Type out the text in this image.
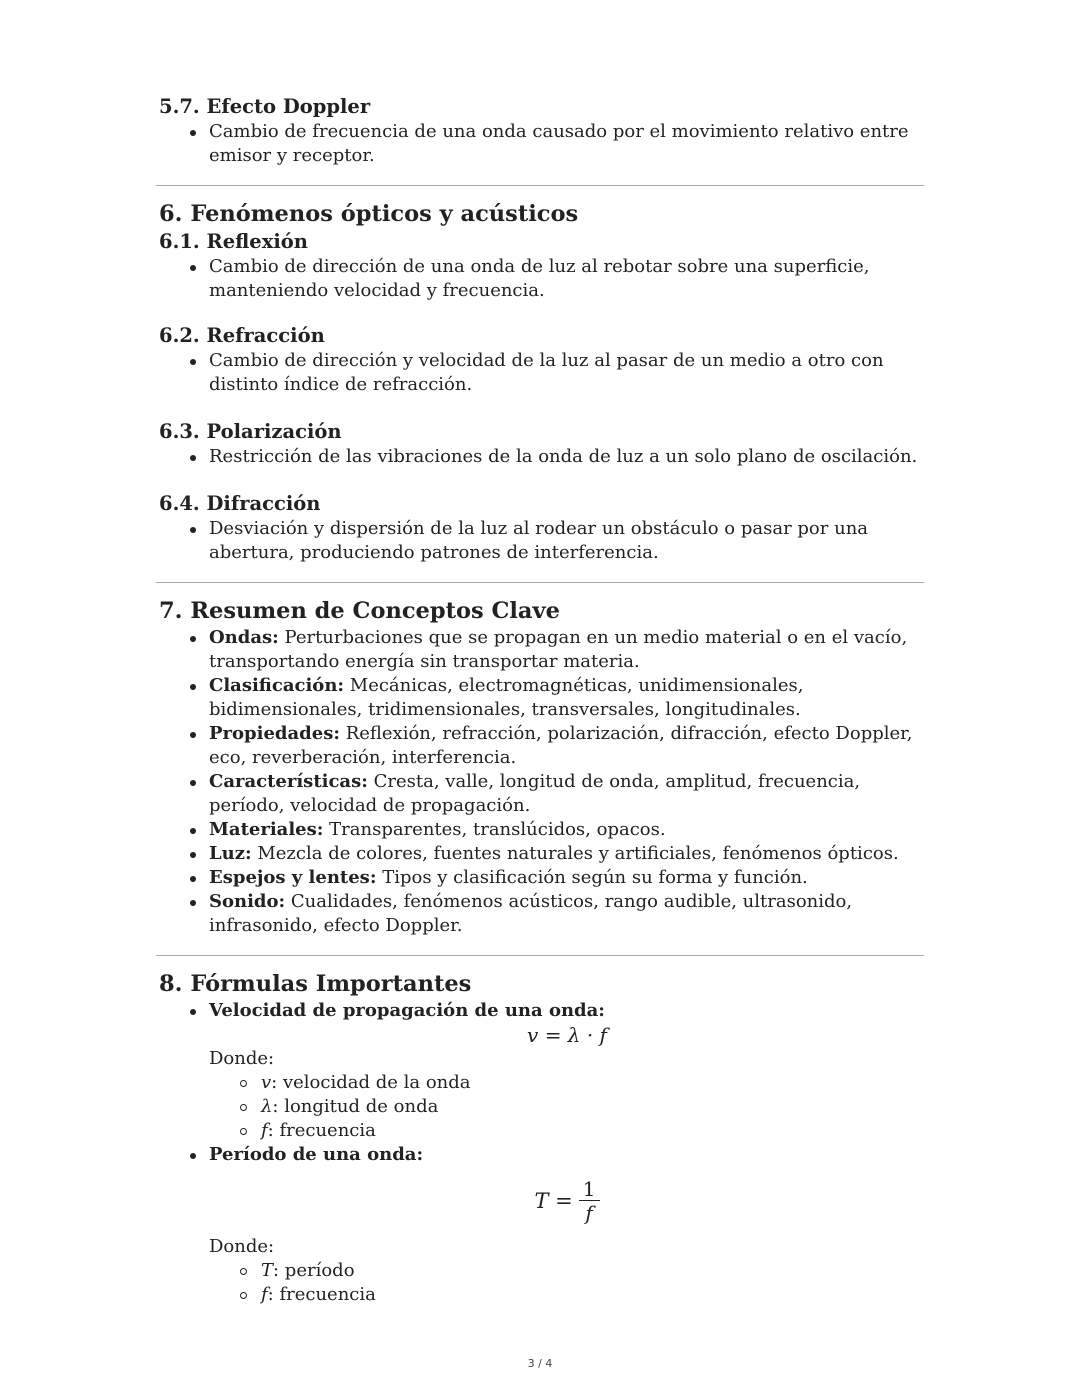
5.7. Efecto Doppler
Cambio de frecuencia de una onda causado por el movimiento relativo entre emisor y receptor.
6. Fenómenos ópticos y acústicos
6.1. Reflexión
Cambio de dirección de una onda de luz al rebotar sobre una superficie, manteniendo velocidad y frecuencia.
6.2. Refracción
Cambio de dirección y velocidad de la luz al pasar de un medio a otro con distinto índice de refracción.
6.3. Polarización
Restricción de las vibraciones de la onda de luz a un solo plano de oscilación.
6.4. Difracción
Desviación y dispersión de la luz al rodear un obstáculo o pasar por una abertura, produciendo patrones de interferencia.
7. Resumen de Conceptos Clave
Ondas: Perturbaciones que se propagan en un medio material o en el vacío, transportando energía sin transportar materia.
Clasificación: Mecánicas, electromagnéticas, unidimensionales, bidimensionales, tridimensionales, transversales, longitudinales.
Propiedades: Reflexión, refracción, polarización, difracción, efecto Doppler, eco, reverberación, interferencia.
Características: Cresta, valle, longitud de onda, amplitud, frecuencia, período, velocidad de propagación.
Materiales: Transparentes, translúcidos, opacos.
Luz: Mezcla de colores, fuentes naturales y artificiales, fenómenos ópticos.
Espejos y lentes: Tipos y clasificación según su forma y función.
Sonido: Cualidades, fenómenos acústicos, rango audible, ultrasonido, infrasonido, efecto Doppler.
8. Fórmulas Importantes
Velocidad de propagación de una onda:
v = λ · f
Donde:
v: velocidad de la onda
λ: longitud de onda
f: frecuencia
Período de una onda:
$T = \frac{1}{f}$
Donde:
T: período
f: frecuencia
3 / 4
